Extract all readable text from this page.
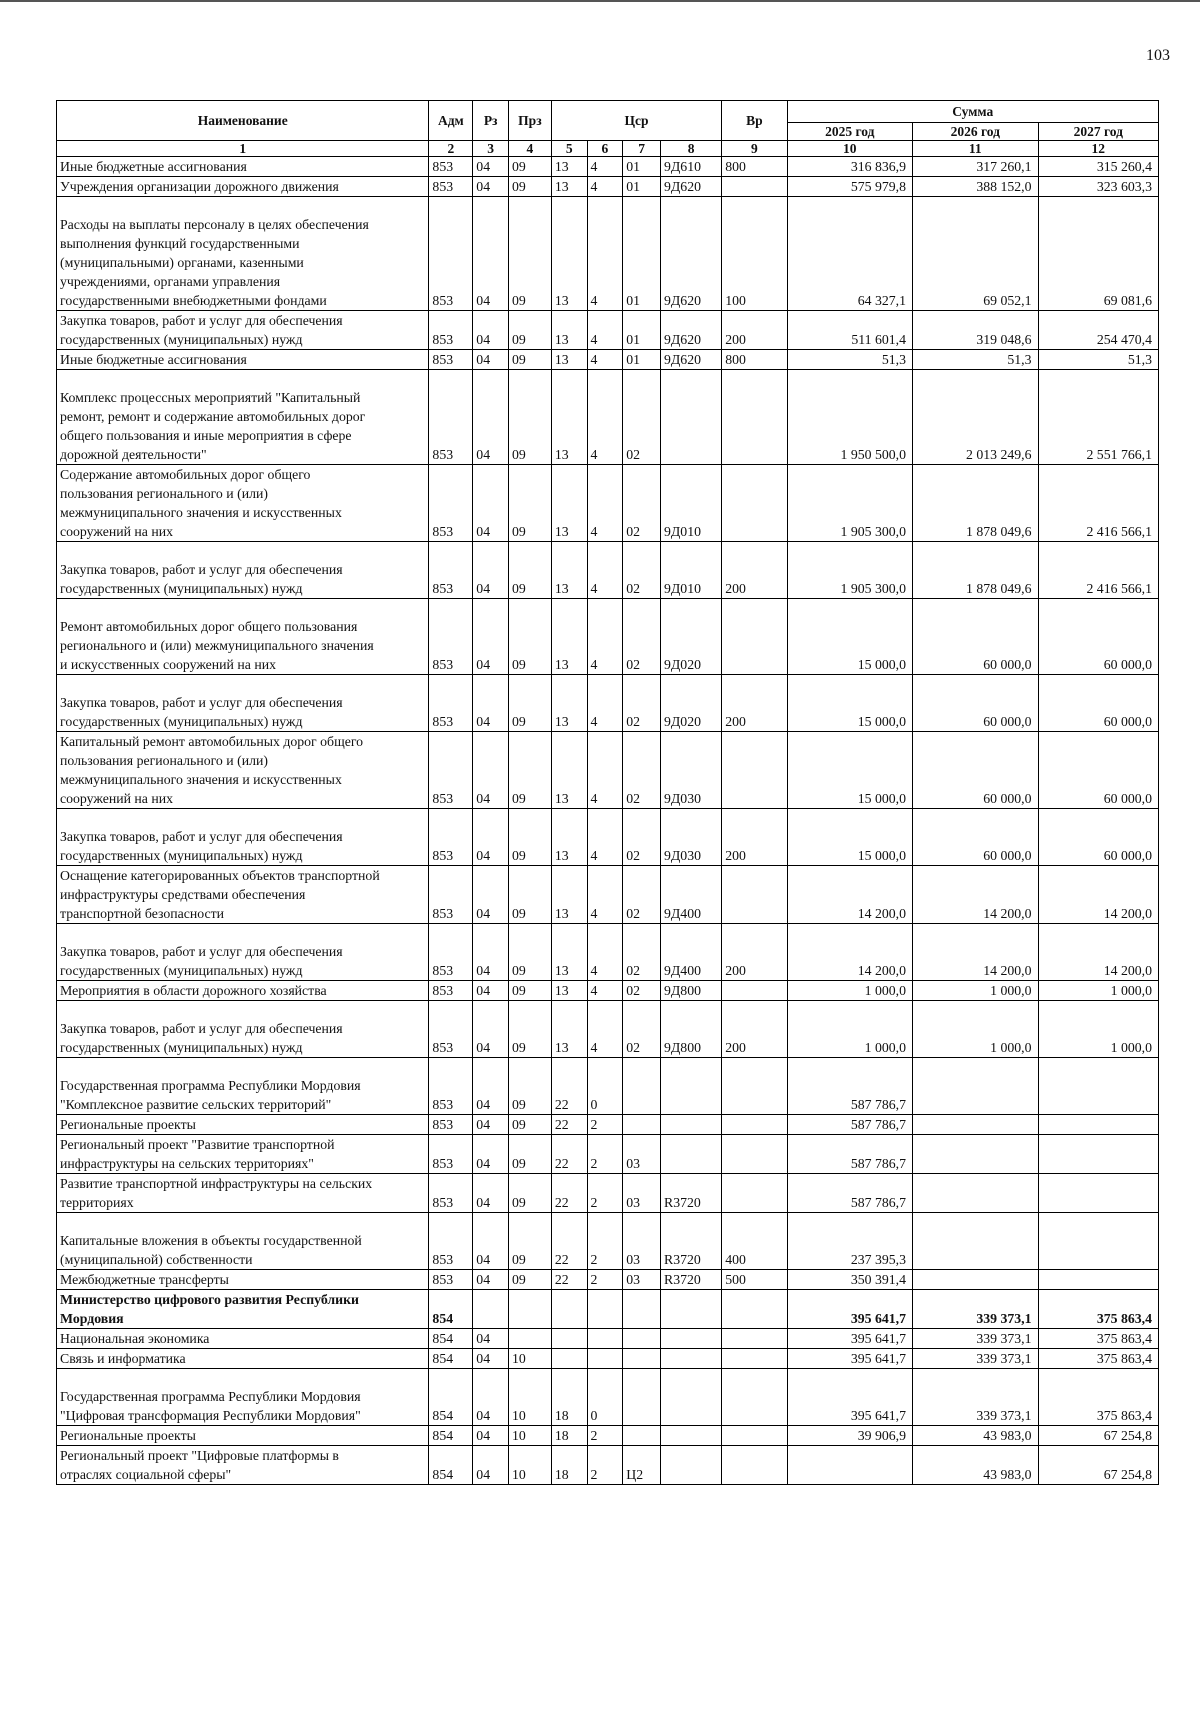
103
Наименование	Адм	Рз	Прз	Цср				Вр	Сумма		
									2025 год	2026 год	2027 год
1	2	3	4	5	6	7	8	9	10	11	12
Иные бюджетные ассигнования	853	04	09	13	4	01	9Д610	800	316 836,9	317 260,1	315 260,4
Учреждения организации дорожного движения	853	04	09	13	4	01	9Д620		575 979,8	388 152,0	323 603,3
Расходы на выплаты персоналу в целях обеспечения
выполнения функций государственными
(муниципальными) органами, казенными
учреждениями, органами управления
государственными внебюджетными фондами	853	04	09	13	4	01	9Д620	100	64 327,1	69 052,1	69 081,6
Закупка товаров, работ и услуг для обеспечения
государственных (муниципальных) нужд	853	04	09	13	4	01	9Д620	200	511 601,4	319 048,6	254 470,4
Иные бюджетные ассигнования	853	04	09	13	4	01	9Д620	800	51,3	51,3	51,3
Комплекс процессных мероприятий "Капитальный
ремонт, ремонт и содержание автомобильных дорог
общего пользования и иные мероприятия в сфере
дорожной деятельности"	853	04	09	13	4	02			1 950 500,0	2 013 249,6	2 551 766,1
Содержание автомобильных дорог общего
пользования регионального и (или)
межмуниципального значения и искусственных
сооружений на них	853	04	09	13	4	02	9Д010		1 905 300,0	1 878 049,6	2 416 566,1
Закупка товаров, работ и услуг для обеспечения
государственных (муниципальных) нужд	853	04	09	13	4	02	9Д010	200	1 905 300,0	1 878 049,6	2 416 566,1
Ремонт автомобильных дорог общего пользования
регионального и (или) межмуниципального значения
и искусственных сооружений на них	853	04	09	13	4	02	9Д020		15 000,0	60 000,0	60 000,0
Закупка товаров, работ и услуг для обеспечения
государственных (муниципальных) нужд	853	04	09	13	4	02	9Д020	200	15 000,0	60 000,0	60 000,0
Капитальный ремонт автомобильных дорог общего
пользования регионального и (или)
межмуниципального значения и искусственных
сооружений на них	853	04	09	13	4	02	9Д030		15 000,0	60 000,0	60 000,0
Закупка товаров, работ и услуг для обеспечения
государственных (муниципальных) нужд	853	04	09	13	4	02	9Д030	200	15 000,0	60 000,0	60 000,0
Оснащение категорированных объектов транспортной
инфраструктуры средствами обеспечения
транспортной безопасности	853	04	09	13	4	02	9Д400		14 200,0	14 200,0	14 200,0
Закупка товаров, работ и услуг для обеспечения
государственных (муниципальных) нужд	853	04	09	13	4	02	9Д400	200	14 200,0	14 200,0	14 200,0
Мероприятия в области дорожного хозяйства	853	04	09	13	4	02	9Д800		1 000,0	1 000,0	1 000,0
Закупка товаров, работ и услуг для обеспечения
государственных (муниципальных) нужд	853	04	09	13	4	02	9Д800	200	1 000,0	1 000,0	1 000,0
Государственная программа Республики Мордовия
"Комплексное развитие сельских территорий"	853	04	09	22	0				587 786,7		
Региональные проекты	853	04	09	22	2				587 786,7		
Региональный проект "Развитие транспортной
инфраструктуры на сельских территориях"	853	04	09	22	2	03			587 786,7		
Развитие транспортной инфраструктуры на сельских
территориях	853	04	09	22	2	03	R3720		587 786,7		
Капитальные вложения в объекты государственной
(муниципальной) собственности	853	04	09	22	2	03	R3720	400	237 395,3		
Межбюджетные трансферты	853	04	09	22	2	03	R3720	500	350 391,4		
Министерство цифрового развития Республики
Мордовия	854								395 641,7	339 373,1	375 863,4
Национальная экономика	854	04							395 641,7	339 373,1	375 863,4
Связь и информатика	854	04	10						395 641,7	339 373,1	375 863,4
Государственная программа Республики Мордовия
"Цифровая трансформация Республики Мордовия"	854	04	10	18	0				395 641,7	339 373,1	375 863,4
Региональные проекты	854	04	10	18	2				39 906,9	43 983,0	67 254,8
Региональный проект "Цифровые платформы в
отраслях социальной сферы"	854	04	10	18	2	Ц2				43 983,0	67 254,8
